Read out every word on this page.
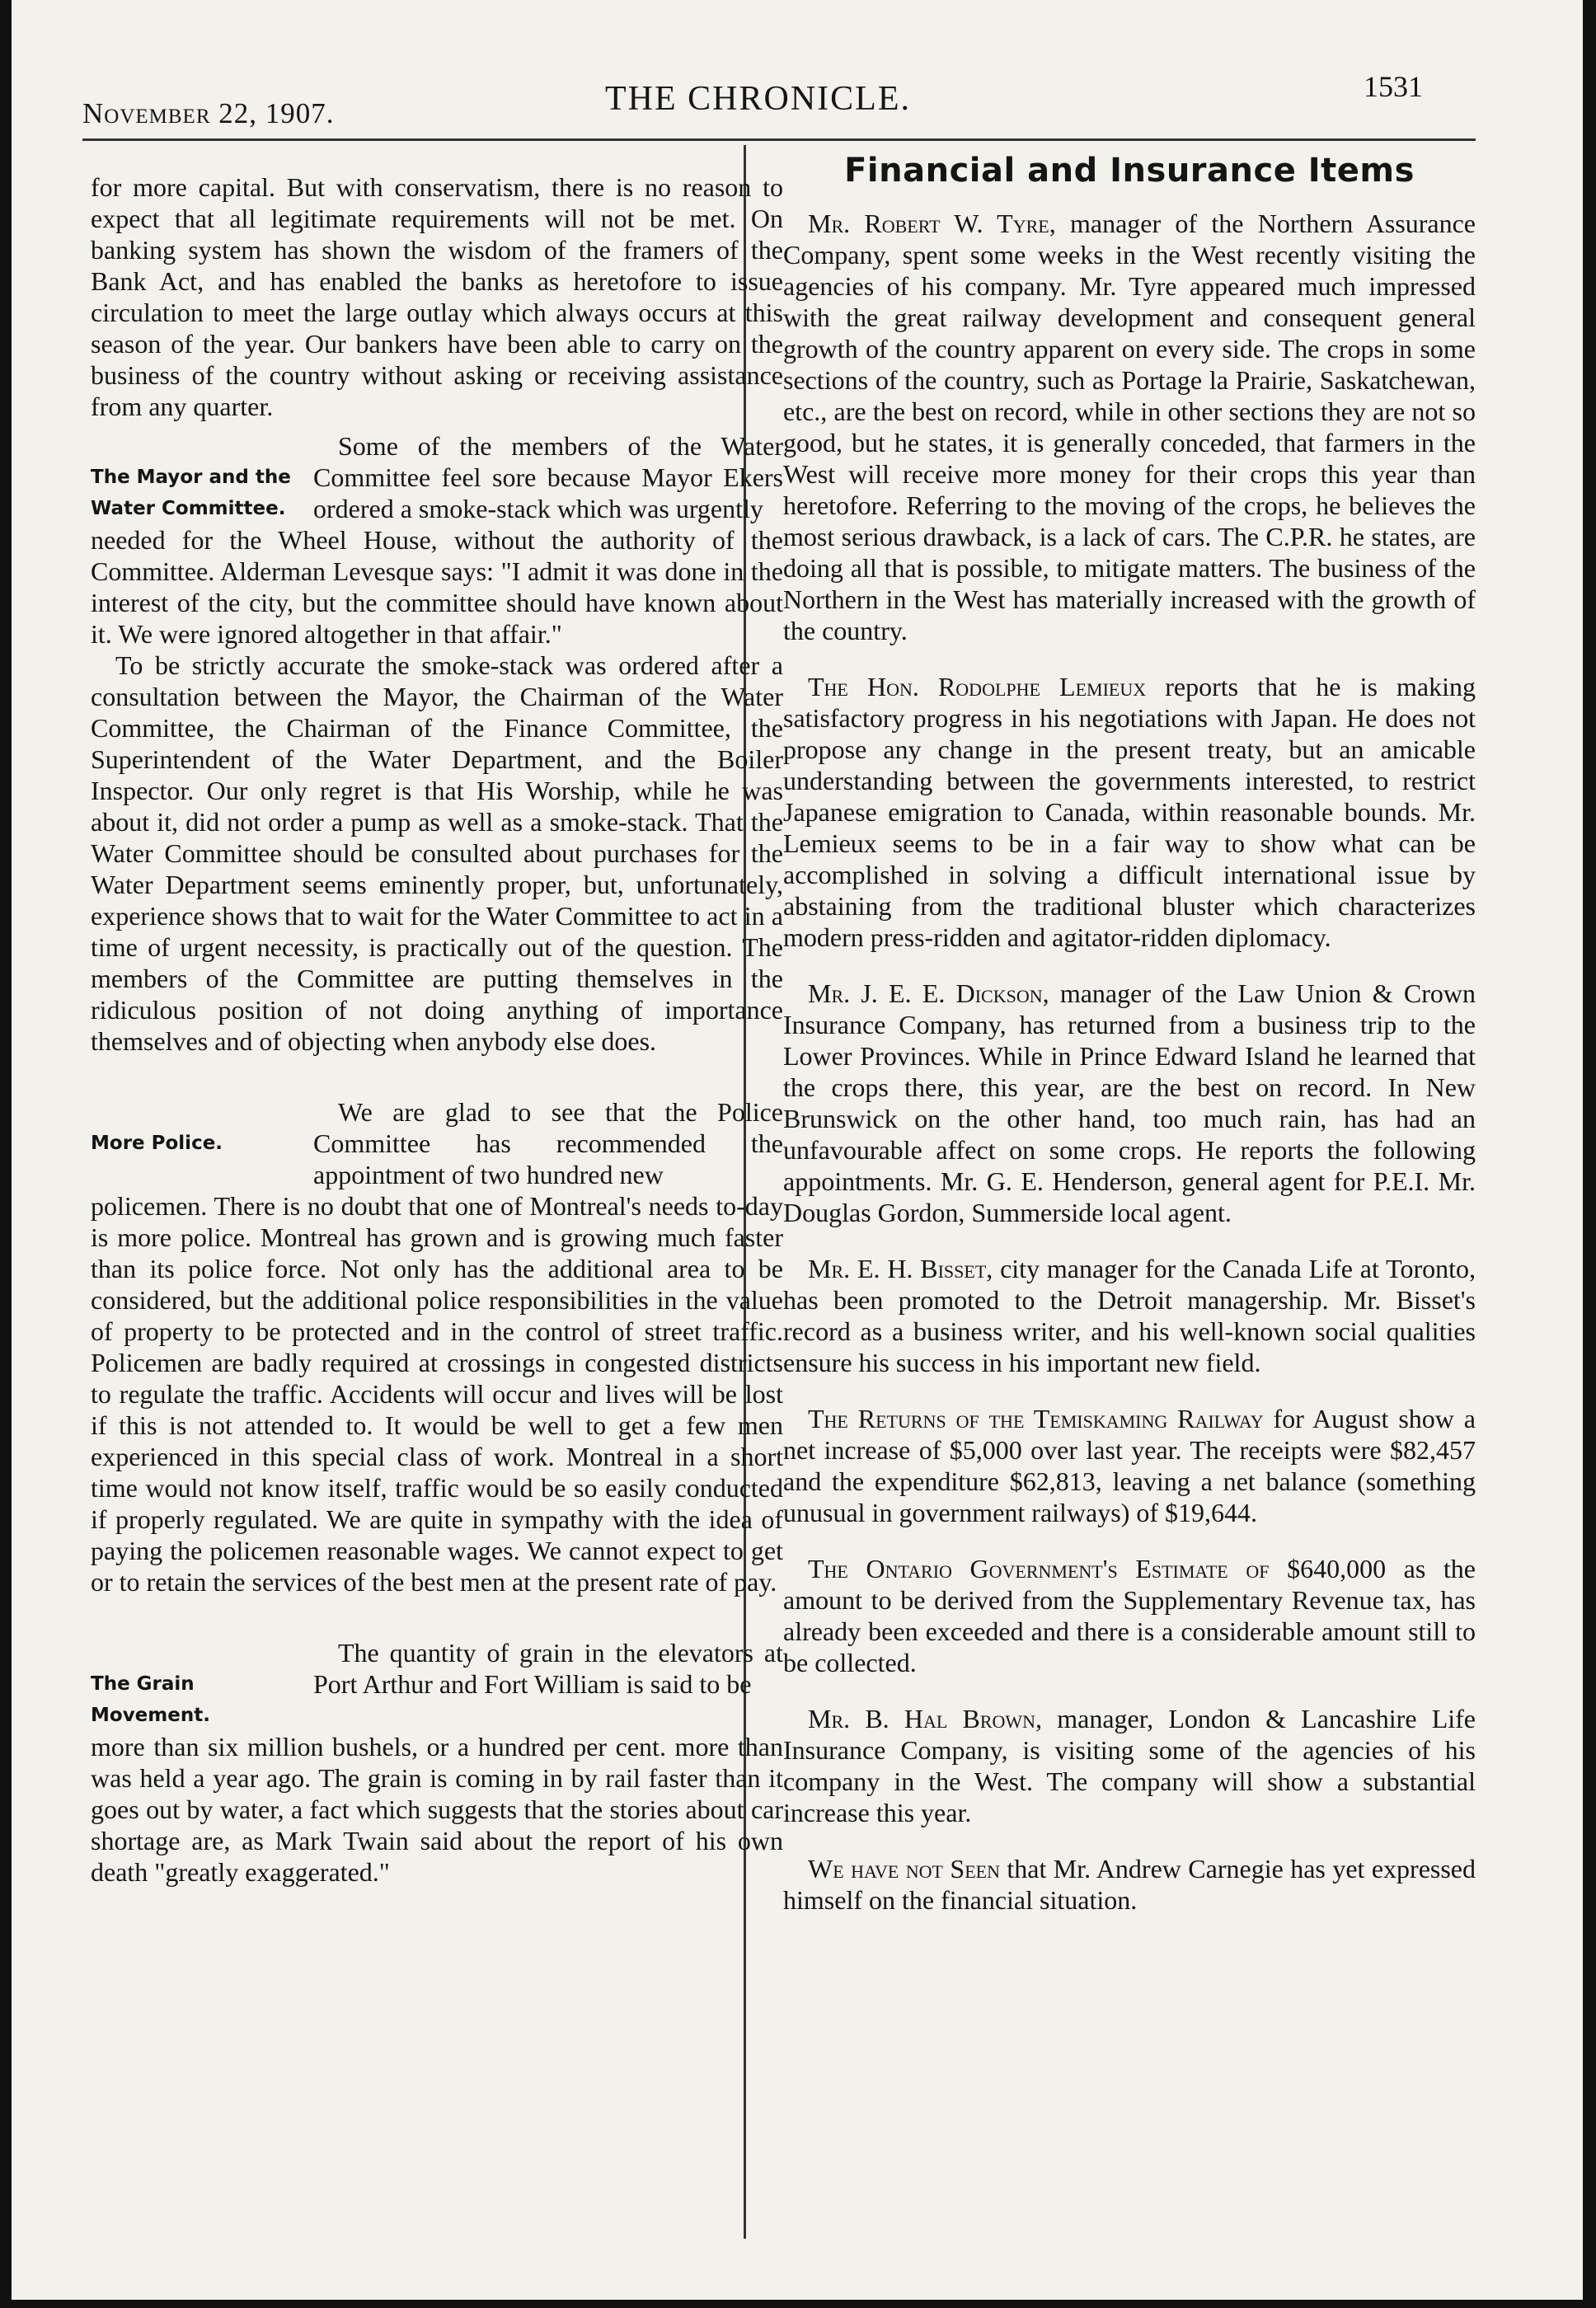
November 22, 1907.	THE CHRONICLE.	1531

for more capital. But with conservatism, there is no reason to expect that all legitimate requirements will not be met. On banking system has shown the wisdom of the framers of the Bank Act, and has enabled the banks as heretofore to issue circulation to meet the large outlay which always occurs at this season of the year. Our bankers have been able to carry on the business of the country without asking or receiving assistance from any quarter.

The Mayor and the Water Committee.

Some of the members of the Water Committee feel sore because Mayor Ekers ordered a smoke-stack which was urgently

needed for the Wheel House, without the authority of the Committee. Alderman Levesque says: "I admit it was done in the interest of the city, but the committee should have known about it. We were ignored altogether in that affair."

To be strictly accurate the smoke-stack was ordered after a consultation between the Mayor, the Chairman of the Water Committee, the Chairman of the Finance Committee, the Superintendent of the Water Department, and the Boiler Inspector. Our only regret is that His Worship, while he was about it, did not order a pump as well as a smoke-stack. That the Water Committee should be consulted about purchases for the Water Department seems eminently proper, but, unfortunately, experience shows that to wait for the Water Committee to act in a time of urgent necessity, is practically out of the question. The members of the Committee are putting themselves in the ridiculous position of not doing anything of importance themselves and of objecting when anybody else does.

More Police.

We are glad to see that the Police Committee has recommended the appointment of two hundred new

policemen. There is no doubt that one of Montreal's needs to-day is more police. Montreal has grown and is growing much faster than its police force. Not only has the additional area to be considered, but the additional police responsibilities in the value of property to be protected and in the control of street traffic. Policemen are badly required at crossings in congested districts to regulate the traffic. Accidents will occur and lives will be lost if this is not attended to. It would be well to get a few men experienced in this special class of work. Montreal in a short time would not know itself, traffic would be so easily conducted if properly regulated. We are quite in sympathy with the idea of paying the policemen reasonable wages. We cannot expect to get or to retain the services of the best men at the present rate of pay.

The Grain Movement.

The quantity of grain in the elevators at Port Arthur and Fort William is said to be

more than six million bushels, or a hundred per cent. more than was held a year ago. The grain is coming in by rail faster than it goes out by water, a fact which suggests that the stories about car shortage are, as Mark Twain said about the report of his own death "greatly exaggerated."

Financial and Insurance Items

Mr. Robert W. Tyre, manager of the Northern Assurance Company, spent some weeks in the West recently visiting the agencies of his company. Mr. Tyre appeared much impressed with the great railway development and consequent general growth of the country apparent on every side. The crops in some sections of the country, such as Portage la Prairie, Saskatchewan, etc., are the best on record, while in other sections they are not so good, but he states, it is generally conceded, that farmers in the West will receive more money for their crops this year than heretofore. Referring to the moving of the crops, he believes the most serious drawback, is a lack of cars. The C.P.R. he states, are doing all that is possible, to mitigate matters. The business of the Northern in the West has materially increased with the growth of the country.

The Hon. Rodolphe Lemieux reports that he is making satisfactory progress in his negotiations with Japan. He does not propose any change in the present treaty, but an amicable understanding between the governments interested, to restrict Japanese emigration to Canada, within reasonable bounds. Mr. Lemieux seems to be in a fair way to show what can be accomplished in solving a difficult international issue by abstaining from the traditional bluster which characterizes modern press-ridden and agitator-ridden diplomacy.

Mr. J. E. E. Dickson, manager of the Law Union & Crown Insurance Company, has returned from a business trip to the Lower Provinces. While in Prince Edward Island he learned that the crops there, this year, are the best on record. In New Brunswick on the other hand, too much rain, has had an unfavourable affect on some crops. He reports the following appointments. Mr. G. E. Henderson, general agent for P.E.I. Mr. Douglas Gordon, Summerside local agent.

Mr. E. H. Bisset, city manager for the Canada Life at Toronto, has been promoted to the Detroit managership. Mr. Bisset's record as a business writer, and his well-known social qualities ensure his success in his important new field.

The Returns of the Temiskaming Railway for August show a net increase of $5,000 over last year. The receipts were $82,457 and the expenditure $62,813, leaving a net balance (something unusual in government railways) of $19,644.

The Ontario Government's Estimate of $640,000 as the amount to be derived from the Supplementary Revenue tax, has already been exceeded and there is a considerable amount still to be collected.

Mr. B. Hal Brown, manager, London & Lancashire Life Insurance Company, is visiting some of the agencies of his company in the West. The company will show a substantial increase this year.

We have not Seen that Mr. Andrew Carnegie has yet expressed himself on the financial situation.
